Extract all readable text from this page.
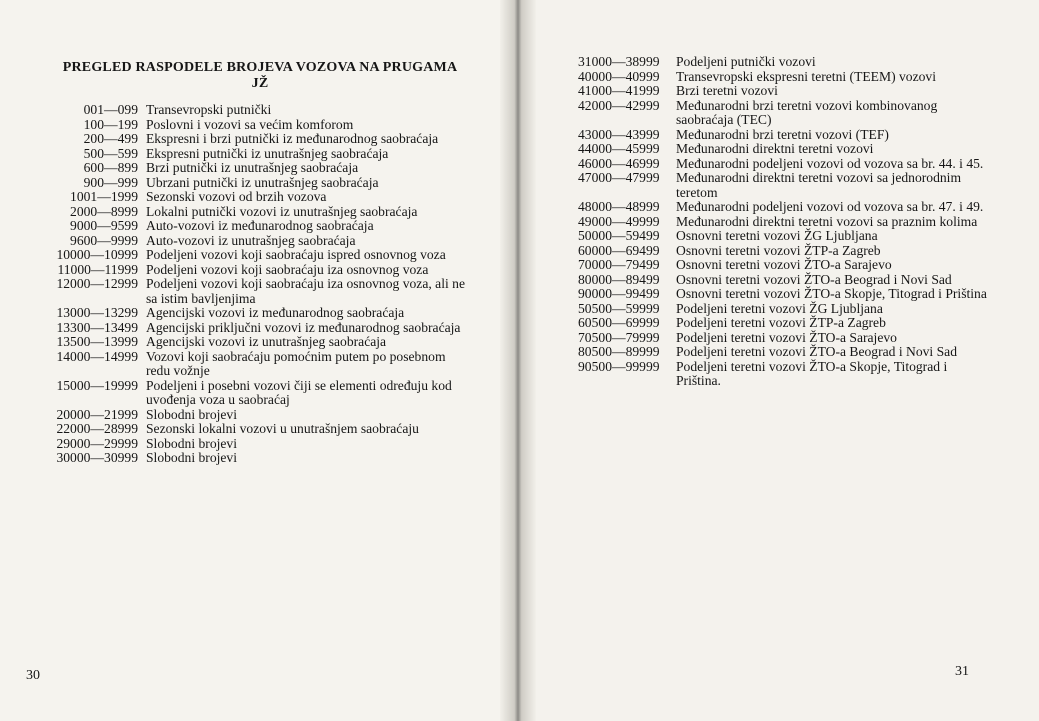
PREGLED RASPODELE BROJEVA VOZOVA NA PRUGAMA JŽ
001—099 Transevropski putnički
100—199 Poslovni i vozovi sa većim komforom
200—499 Ekspresni i brzi putnički iz međunarodnog saobraćaja
500—599 Ekspresni putnički iz unutrašnjeg saobraćaja
600—899 Brzi putnički iz unutrašnjeg saobraćaja
900—999 Ubrzani putnički iz unutrašnjeg saobraćaja
1001—1999 Sezonski vozovi od brzih vozova
2000—8999 Lokalni putnički vozovi iz unutrašnjeg saobraćaja
9000—9599 Auto-vozovi iz međunarodnog saobraćaja
9600—9999 Auto-vozovi iz unutrašnjeg saobraćaja
10000—10999 Podeljeni vozovi koji saobraćaju ispred osnovnog voza
11000—11999 Podeljeni vozovi koji saobraćaju iza osnovnog voza
12000—12999 Podeljeni vozovi koji saobraćaju iza osnovnog voza, ali ne sa istim bavljenjima
13000—13299 Agencijski vozovi iz međunarodnog saobraćaja
13300—13499 Agencijski priključni vozovi iz međunarodnog saobraćaja
13500—13999 Agencijski vozovi iz unutrašnjeg saobraćaja
14000—14999 Vozovi koji saobraćaju pomoćnim putem po posebnom redu vožnje
15000—19999 Podeljeni i posebni vozovi čiji se elementi određuju kod uvođenja voza u saobraćaj
20000—21999 Slobodni brojevi
22000—28999 Sezonski lokalni vozovi u unutrašnjem saobraćaju
29000—29999 Slobodni brojevi
30000—30999 Slobodni brojevi
30
31000—38999	Podeljeni putnički vozovi
40000—40999	Transevropski ekspresni teretni (TEEM) vozovi
41000—41999	Brzi teretni vozovi
42000—42999	Međunarodni brzi teretni vozovi kombinovanog saobraćaja (TEC)
43000—43999	Međunarodni brzi teretni vozovi (TEF)
44000—45999	Međunarodni direktni teretni vozovi
46000—46999	Međunarodni podeljeni vozovi od vozova sa br. 44. i 45.
47000—47999	Međunarodni direktni teretni vozovi sa jednorodnim teretom
48000—48999	Međunarodni podeljeni vozovi od vozova sa br. 47. i 49.
49000—49999	Međunarodni direktni teretni vozovi sa praznim kolima
50000—59499	Osnovni teretni vozovi ŽG Ljubljana
60000—69499	Osnovni teretni vozovi ŽTP-a Zagreb
70000—79499	Osnovni teretni vozovi ŽTO-a Sarajevo
80000—89499	Osnovni teretni vozovi ŽTO-a Beograd i Novi Sad
90000—99499	Osnovni teretni vozovi ŽTO-a Skopje, Titograd i Priština
50500—59999	Podeljeni teretni vozovi ŽG Ljubljana
60500—69999	Podeljeni teretni vozovi ŽTP-a Zagreb
70500—79999	Podeljeni teretni vozovi ŽTO-a Sarajevo
80500—89999	Podeljeni teretni vozovi ŽTO-a Beograd i Novi Sad
90500—99999	Podeljeni teretni vozovi ŽTO-a Skopje, Titograd i Priština.
31
